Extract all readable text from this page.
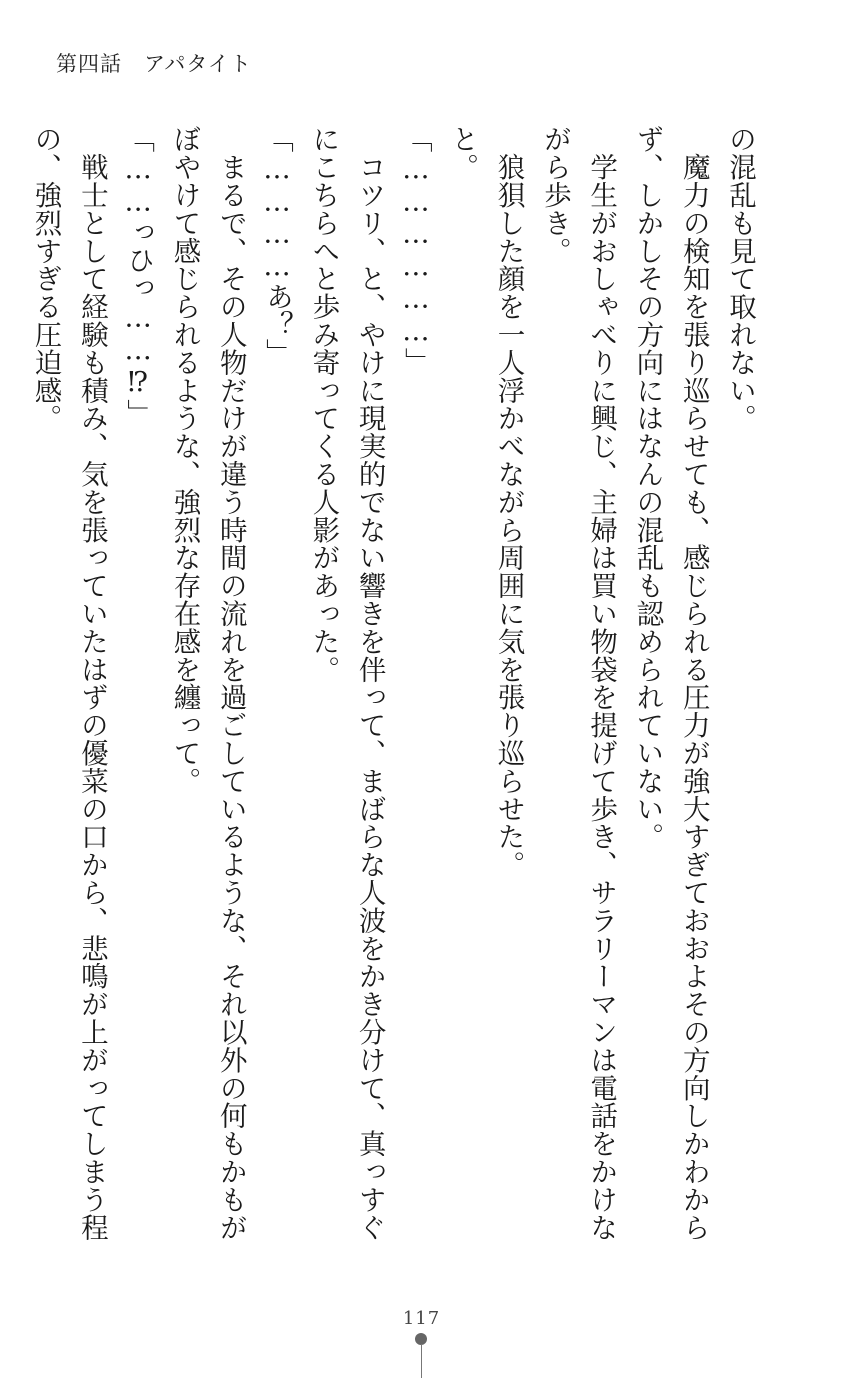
第四話　アパタイト
の混乱も見て取れない。
　魔力の検知を張り巡らせても、感じられる圧力が強大すぎておおよその方向しかわから
ず、しかしその方向にはなんの混乱も認められていない。
　学生がおしゃべりに興じ、主婦は買い物袋を提げて歩き、サラリーマンは電話をかけな
がら歩き。
　狼狽した顔を一人浮かべながら周囲に気を張り巡らせた。
と。
「………………」
　コツリ、と、やけに現実的でない響きを伴って、まばらな人波をかき分けて、真っすぐ
にこちらへと歩み寄ってくる人影があった。
「…………あ？」
　まるで、その人物だけが違う時間の流れを過ごしているような、それ以外の何もかもが
ぼやけて感じられるような、強烈な存在感を纏って。
「……っひっ……⁉」
　戦士として経験も積み、気を張っていたはずの優菜の口から、悲鳴が上がってしまう程
の、強烈すぎる圧迫感。
117
